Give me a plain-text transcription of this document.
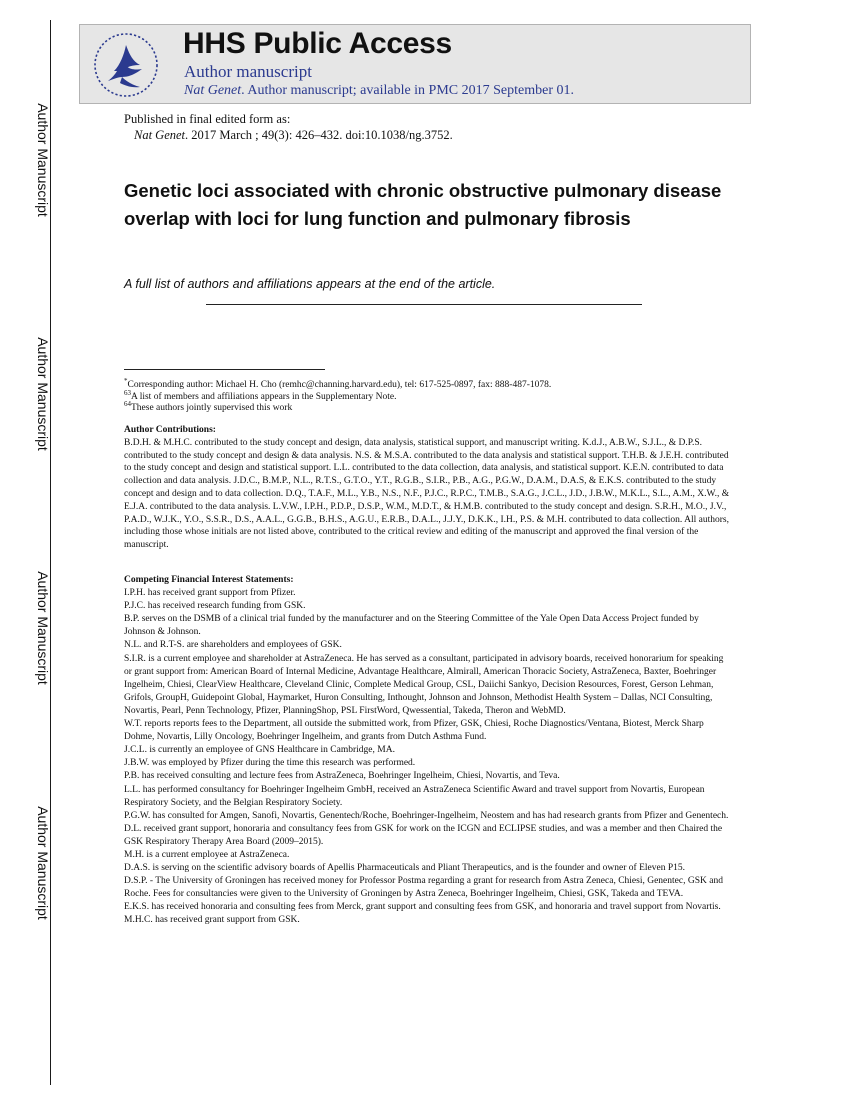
Author Manuscript
Author Manuscript
Author Manuscript
Author Manuscript
HHS Public Access
Author manuscript
Nat Genet. Author manuscript; available in PMC 2017 September 01.
Published in final edited form as:
Nat Genet. 2017 March ; 49(3): 426–432. doi:10.1038/ng.3752.
Genetic loci associated with chronic obstructive pulmonary disease overlap with loci for lung function and pulmonary fibrosis
A full list of authors and affiliations appears at the end of the article.
*Corresponding author: Michael H. Cho (remhc@channing.harvard.edu), tel: 617-525-0897, fax: 888-487-1078.
$^{63}$A list of members and affiliations appears in the Supplementary Note.
$^{64}$These authors jointly supervised this work
Author Contributions:
B.D.H. & M.H.C. contributed to the study concept and design, data analysis, statistical support, and manuscript writing. K.d.J., A.B.W., S.J.L., & D.P.S. contributed to the study concept and design & data analysis. N.S. & M.S.A. contributed to the data analysis and statistical support. T.H.B. & J.E.H. contributed to the study concept and design and statistical support. L.L. contributed to the data collection, data analysis, and statistical support. K.E.N. contributed to data collection and data analysis. J.D.C., B.M.P., N.L., R.T.S., G.T.O., Y.T., R.G.B., S.I.R., P.B., A.G., P.G.W., D.A.M., D.A.S, & E.K.S. contributed to the study concept and design and to data collection. D.Q., T.A.F., M.L., Y.B., N.S., N.F., P.J.C., R.P.C., T.M.B., S.A.G., J.C.L., J.D., J.B.W., M.K.L., S.L., A.M., X.W., & E.J.A. contributed to the data analysis. L.V.W., I.P.H., P.D.P., D.S.P., W.M., M.D.T., & H.M.B. contributed to the study concept and design. S.R.H., M.O., J.V., P.A.D., W.J.K., Y.O., S.S.R., D.S., A.A.L., G.G.B., B.H.S., A.G.U., E.R.B., D.A.L., J.J.Y., D.K.K., I.H., P.S. & M.H. contributed to data collection. All authors, including those whose initials are not listed above, contributed to the critical review and editing of the manuscript and approved the final version of the manuscript.

Competing Financial Interest Statements:

I.P.H. has received grant support from Pfizer.

P.J.C. has received research funding from GSK.

B.P. serves on the DSMB of a clinical trial funded by the manufacturer and on the Steering Committee of the Yale Open Data Access Project funded by Johnson & Johnson.

N.L. and R.T-S. are shareholders and employees of GSK.

S.I.R. is a current employee and shareholder at AstraZeneca. He has served as a consultant, participated in advisory boards, received honorarium for speaking or grant support from: American Board of Internal Medicine, Advantage Healthcare, Almirall, American Thoracic Society, AstraZeneca, Baxter, Boehringer Ingelheim, Chiesi, ClearView Healthcare, Cleveland Clinic, Complete Medical Group, CSL, Daiichi Sankyo, Decision Resources, Forest, Gerson Lehman, Grifols, GroupH, Guidepoint Global, Haymarket, Huron Consulting, Inthought, Johnson and Johnson, Methodist Health System – Dallas, NCI Consulting, Novartis, Pearl, Penn Technology, Pfizer, PlanningShop, PSL FirstWord, Qwessential, Takeda, Theron and WebMD.

W.T. reports reports fees to the Department, all outside the submitted work, from Pfizer, GSK, Chiesi, Roche Diagnostics/Ventana, Biotest, Merck Sharp Dohme, Novartis, Lilly Oncology, Boehringer Ingelheim, and grants from Dutch Asthma Fund.

J.C.L. is currently an employee of GNS Healthcare in Cambridge, MA.

J.B.W. was employed by Pfizer during the time this research was performed.

P.B. has received consulting and lecture fees from AstraZeneca, Boehringer Ingelheim, Chiesi, Novartis, and Teva.

L.L. has performed consultancy for Boehringer Ingelheim GmbH, received an AstraZeneca Scientific Award and travel support from Novartis, European Respiratory Society, and the Belgian Respiratory Society.

P.G.W. has consulted for Amgen, Sanofi, Novartis, Genentech/Roche, Boehringer-Ingelheim, Neostem and has had research grants from Pfizer and Genentech.

D.L. received grant support, honoraria and consultancy fees from GSK for work on the ICGN and ECLIPSE studies, and was a member and then Chaired the GSK Respiratory Therapy Area Board (2009–2015).

M.H. is a current employee at AstraZeneca.

D.A.S. is serving on the scientific advisory boards of Apellis Pharmaceuticals and Pliant Therapeutics, and is the founder and owner of Eleven P15.

D.S.P. - The University of Groningen has received money for Professor Postma regarding a grant for research from Astra Zeneca, Chiesi, Genentec, GSK and Roche. Fees for consultancies were given to the University of Groningen by Astra Zeneca, Boehringer Ingelheim, Chiesi, GSK, Takeda and TEVA.

E.K.S. has received honoraria and consulting fees from Merck, grant support and consulting fees from GSK, and honoraria and travel support from Novartis.

M.H.C. has received grant support from GSK.
